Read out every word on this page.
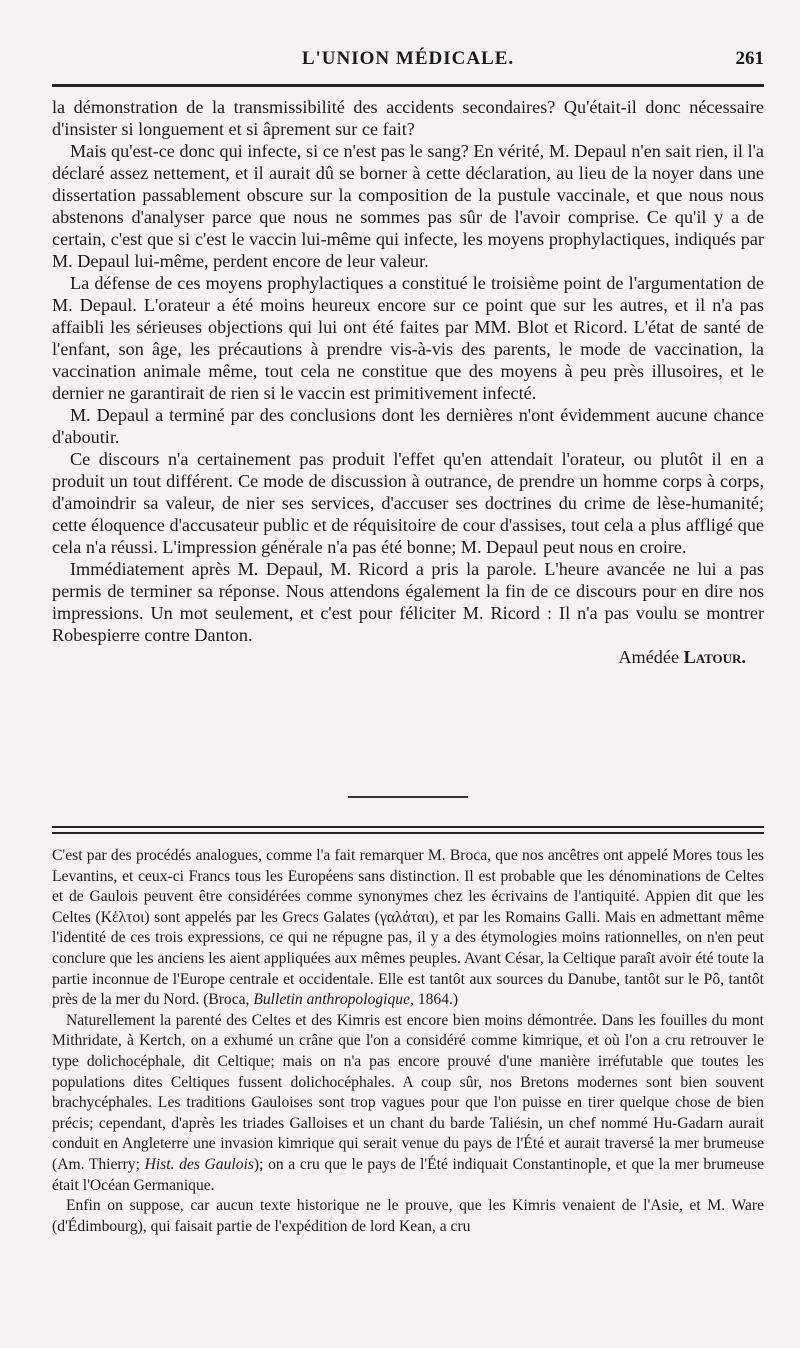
L'UNION MÉDICALE.	261

la démonstration de la transmissibilité des accidents secondaires? Qu'était-il donc nécessaire d'insister si longuement et si âprement sur ce fait?

Mais qu'est-ce donc qui infecte, si ce n'est pas le sang? En vérité, M. Depaul n'en sait rien, il l'a déclaré assez nettement, et il aurait dû se borner à cette déclaration, au lieu de la noyer dans une dissertation passablement obscure sur la composition de la pustule vaccinale, et que nous nous abstenons d'analyser parce que nous ne sommes pas sûr de l'avoir comprise. Ce qu'il y a de certain, c'est que si c'est le vaccin lui-même qui infecte, les moyens prophylactiques, indiqués par M. Depaul lui-même, perdent encore de leur valeur.

La défense de ces moyens prophylactiques a constitué le troisième point de l'argumentation de M. Depaul. L'orateur a été moins heureux encore sur ce point que sur les autres, et il n'a pas affaibli les sérieuses objections qui lui ont été faites par MM. Blot et Ricord. L'état de santé de l'enfant, son âge, les précautions à prendre vis-à-vis des parents, le mode de vaccination, la vaccination animale même, tout cela ne constitue que des moyens à peu près illusoires, et le dernier ne garantirait de rien si le vaccin est primitivement infecté.

M. Depaul a terminé par des conclusions dont les dernières n'ont évidemment aucune chance d'aboutir.

Ce discours n'a certainement pas produit l'effet qu'en attendait l'orateur, ou plutôt il en a produit un tout différent. Ce mode de discussion à outrance, de prendre un homme corps à corps, d'amoindrir sa valeur, de nier ses services, d'accuser ses doctrines du crime de lèse-humanité; cette éloquence d'accusateur public et de réquisitoire de cour d'assises, tout cela a plus affligé que cela n'a réussi. L'impression générale n'a pas été bonne; M. Depaul peut nous en croire.

Immédiatement après M. Depaul, M. Ricord a pris la parole. L'heure avancée ne lui a pas permis de terminer sa réponse. Nous attendons également la fin de ce discours pour en dire nos impressions. Un mot seulement, et c'est pour féliciter M. Ricord : Il n'a pas voulu se montrer Robespierre contre Danton.

Amédée Latour.

C'est par des procédés analogues, comme l'a fait remarquer M. Broca, que nos ancêtres ont appelé Mores tous les Levantins, et ceux-ci Francs tous les Européens sans distinction. Il est probable que les dénominations de Celtes et de Gaulois peuvent être considérées comme synonymes chez les écrivains de l'antiquité. Appien dit que les Celtes (Κἑλτοι) sont appelés par les Grecs Galates (γαλάται), et par les Romains Galli. Mais en admettant même l'identité de ces trois expressions, ce qui ne répugne pas, il y a des étymologies moins rationnelles, on n'en peut conclure que les anciens les aient appliquées aux mêmes peuples. Avant César, la Celtique paraît avoir été toute la partie inconnue de l'Europe centrale et occidentale. Elle est tantôt aux sources du Danube, tantôt sur le Pô, tantôt près de la mer du Nord. (Broca, Bulletin anthropologique, 1864.)

Naturellement la parenté des Celtes et des Kimris est encore bien moins démontrée. Dans les fouilles du mont Mithridate, à Kertch, on a exhumé un crâne que l'on a considéré comme kimrique, et où l'on a cru retrouver le type dolichocéphale, dit Celtique; mais on n'a pas encore prouvé d'une manière irréfutable que toutes les populations dites Celtiques fussent dolichocéphales. A coup sûr, nos Bretons modernes sont bien souvent brachycéphales. Les traditions Gauloises sont trop vagues pour que l'on puisse en tirer quelque chose de bien précis; cependant, d'après les triades Galloises et un chant du barde Taliésin, un chef nommé Hu-Gadarn aurait conduit en Angleterre une invasion kimrique qui serait venue du pays de l'Été et aurait traversé la mer brumeuse (Am. Thierry; Hist. des Gaulois); on a cru que le pays de l'Été indiquait Constantinople, et que la mer brumeuse était l'Océan Germanique.

Enfin on suppose, car aucun texte historique ne le prouve, que les Kimris venaient de l'Asie, et M. Ware (d'Édimbourg), qui faisait partie de l'expédition de lord Kean, a cru
